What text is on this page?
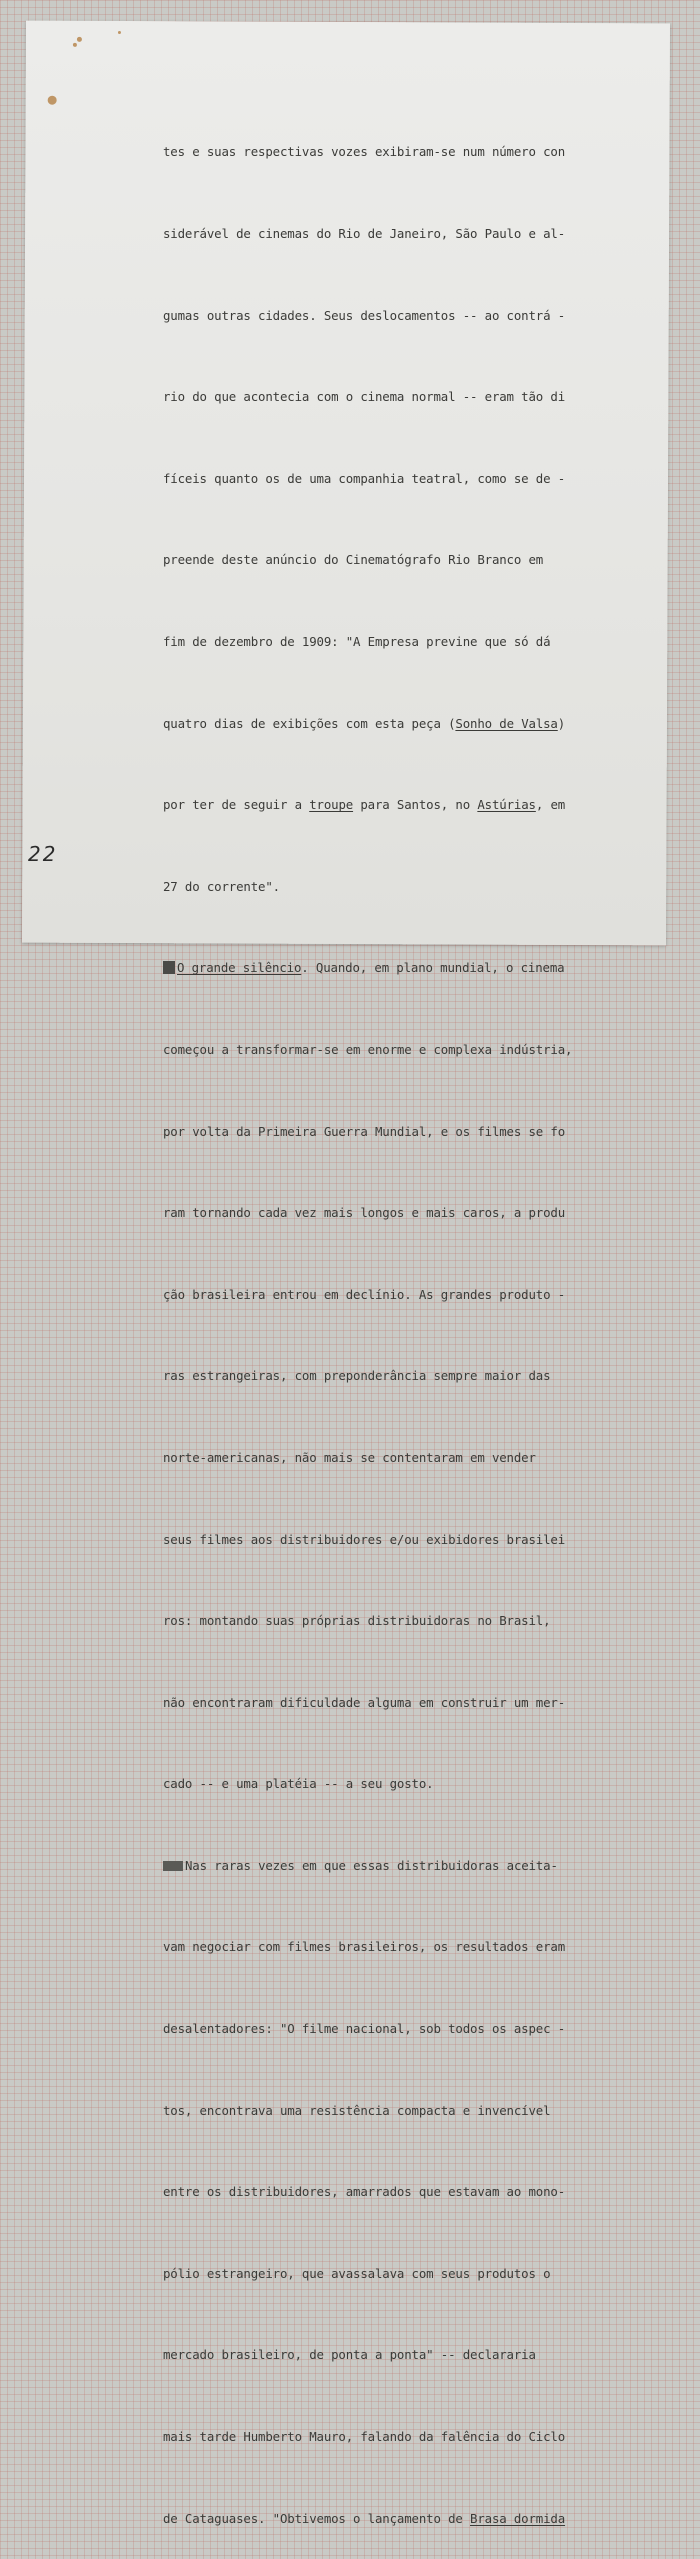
tes e suas respectivas vozes exibiram-se num número con

siderável de cinemas do Rio de Janeiro, São Paulo e al-

gumas outras cidades. Seus deslocamentos -- ao contrá -

rio do que acontecia com o cinema normal -- eram tão di

fíceis quanto os de uma companhia teatral, como se de -

preende deste anúncio do Cinematógrafo Rio Branco em

fim de dezembro de 1909: "A Empresa previne que só dá

quatro dias de exibições com esta peça (Sonho de Valsa)

por ter de seguir a troupe para Santos, no Astúrias, em

27 do corrente".

O grande silêncio. Quando, em plano mundial, o cinema

começou a transformar-se em enorme e complexa indústria,

por volta da Primeira Guerra Mundial, e os filmes se fo

ram tornando cada vez mais longos e mais caros, a produ

ção brasileira entrou em declínio. As grandes produto -

ras estrangeiras, com preponderância sempre maior das

norte-americanas, não mais se contentaram em vender

seus filmes aos distribuidores e/ou exibidores brasilei

ros: montando suas próprias distribuidoras no Brasil,

não encontraram dificuldade alguma em construir um mer-

cado -- e uma platéia -- a seu gosto.

Nas raras vezes em que essas distribuidoras aceita-

vam negociar com filmes brasileiros, os resultados eram

desalentadores: "O filme nacional, sob todos os aspec -

tos, encontrava uma resistência compacta e invencível

entre os distribuidores, amarrados que estavam ao mono-

pólio estrangeiro, que avassalava com seus produtos o

mercado brasileiro, de ponta a ponta" -- declararia

mais tarde Humberto Mauro, falando da falência do Ciclo

de Cataguases. "Obtivemos o lançamento de Brasa dormida

22
